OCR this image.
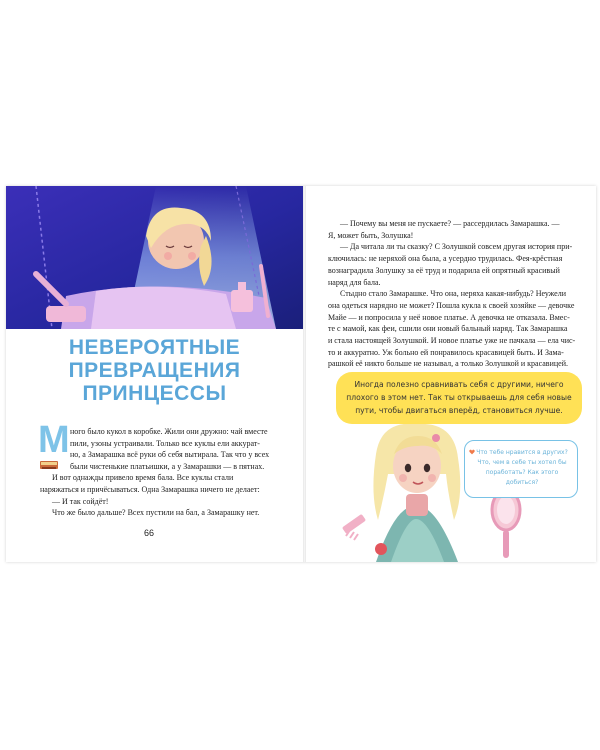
НЕВЕРОЯТНЫЕ
ПРЕВРАЩЕНИЯ
ПРИНЦЕССЫ
М ного было кукол в коробке. Жили они дружно: чай вместе

пили, узоны устраивали. Только все куклы ели аккурат-

но, а Замарашка всё руки об себя вытирала. Так что у всех

были чистенькие платьишки, а у Замарашки — в пятнах.

И вот однажды привело время бала. Все куклы стали

наряжаться и причёсываться. Одна Замарашка ничего не делает:

— И так сойдёт!

Что же было дальше? Всех пустили на бал, а Замарашку нет.

66

— Почему вы меня не пускаете? — рассердилась Замарашка. —

Я, может быть, Золушка!

— Да читала ли ты сказку? С Золушкой совсем другая история при-

ключилась: не неряхой она была, а усердно трудилась. Фея-крёстная

вознаградила Золушку за её труд и подарила ей опрятный красивый

наряд для бала.

Стыдно стало Замарашке. Что она, неряха какая-нибудь? Неужели

она одеться нарядно не может? Пошла кукла к своей хозяйке — девочке

Майе — и попросила у неё новое платье. А девочка не отказала. Вмес-

те с мамой, как феи, сшили они новый бальный наряд. Так Замарашка

и стала настоящей Золушкой. И новое платье уже не пачкала — ела чис-

то и аккуратно. Уж больно ей понравилось красавицей быть. И Зама-

рашкой её никто больше не называл, а только Золушкой и красавицей.

Иногда полезно сравнивать себя с другими, ничего
плохого в этом нет. Так ты открываешь для себя новые
пути, чтобы двигаться вперёд, становиться лучше.
Что тебе нравится в других?
Что, чем в себе ты хотел бы
поработать? Как этого
добиться?
